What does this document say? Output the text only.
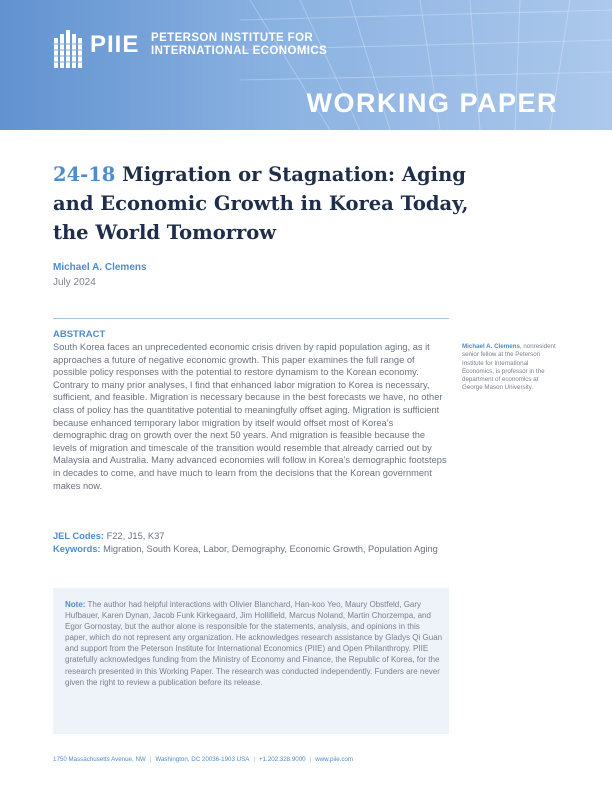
PIIE PETERSON INSTITUTE FOR
INTERNATIONAL ECONOMICS
WORKING PAPER
24-18 Migration or Stagnation: Aging and Economic Growth in Korea Today, the World Tomorrow
Michael A. Clemens
July 2024
ABSTRACT
South Korea faces an unprecedented economic crisis driven by rapid population aging, as it approaches a future of negative economic growth. This paper examines the full range of possible policy responses with the potential to restore dynamism to the Korean economy. Contrary to many prior analyses, I find that enhanced labor migration to Korea is necessary, sufficient, and feasible. Migration is necessary because in the best forecasts we have, no other class of policy has the quantitative potential to meaningfully offset aging. Migration is sufficient because enhanced temporary labor migration by itself would offset most of Korea’s demographic drag on growth over the next 50 years. And migration is feasible because the levels of migration and timescale of the transition would resemble that already carried out by Malaysia and Australia. Many advanced economies will follow in Korea’s demographic footsteps in decades to come, and have much to learn from the decisions that the Korean government makes now.
Michael A. Clemens, nonresident senior fellow at the Peterson Institute for International Economics, is professor in the department of economics at George Mason University.
JEL Codes: F22, J15, K37
Keywords: Migration, South Korea, Labor, Demography, Economic Growth, Population Aging
Note: The author had helpful interactions with Olivier Blanchard, Han-koo Yeo, Maury Obstfeld, Gary Hufbauer, Karen Dynan, Jacob Funk Kirkegaard, Jim Hollifield, Marcus Noland, Martin Chorzempa, and Egor Gornostay, but the author alone is responsible for the statements, analysis, and opinions in this paper, which do not represent any organization. He acknowledges research assistance by Gladys Qi Guan and support from the Peterson Institute for International Economics (PIIE) and Open Philanthropy. PIIE gratefully acknowledges funding from the Ministry of Economy and Finance, the Republic of Korea, for the research presented in this Working Paper. The research was conducted independently. Funders are never given the right to review a publication before its release.
1750 Massachusetts Avenue, NW | Washington, DC 20036-1903 USA | +1.202.328.9000 | www.piie.com
